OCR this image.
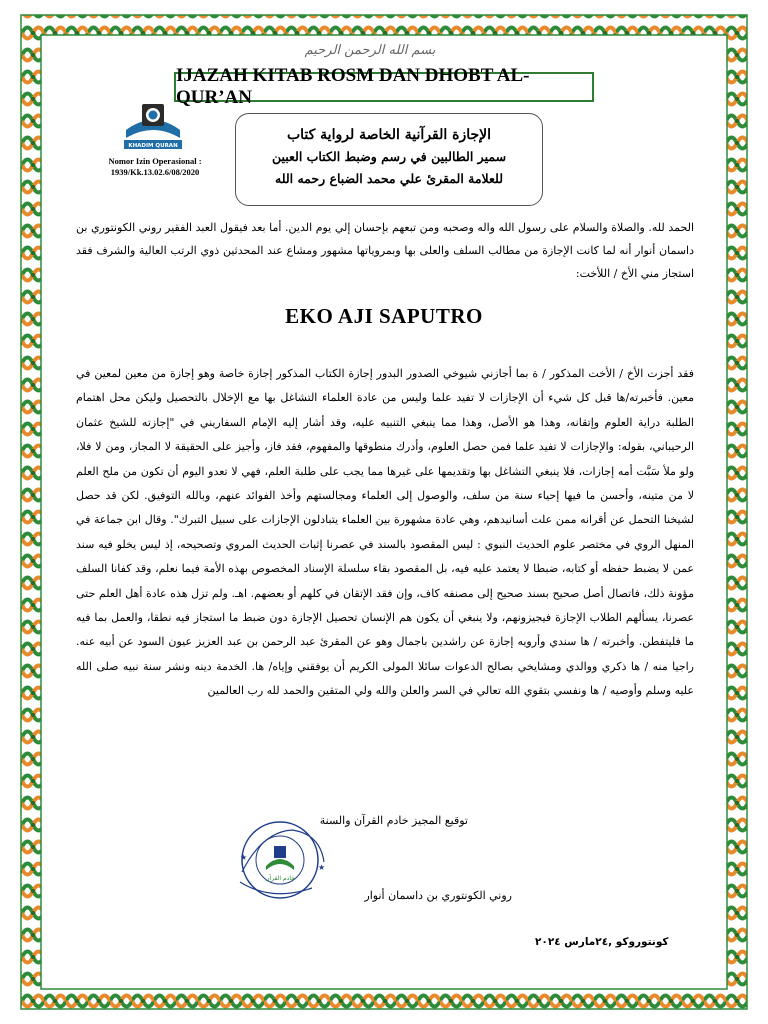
بسم الله الرحمن الرحيم
IJAZAH KITAB ROSM DAN DHOBT AL-QUR’AN
KHADIM QURAN
Nomor Izin Operasional :
1939/Kk.13.02.6/08/2020
الإجازة القرآنية الخاصة لرواية كتاب
سمير الطالبين في رسم وضبط الكتاب العبين
للعلامة المقرئ علي محمد الضباع رحمه الله
الحمد لله. والصلاة والسلام على رسول الله واله وصحبه ومن تبعهم بإحسان إلي يوم الدين. أما بعد فيقول العبد الفقير روني الكونتوري بن داسمان أنوار أنه لما كانت الإجازة من مطالب السلف والعلى بها وبمروياتها مشهور ومشاع عند المحدثين ذوي الرتب العالية والشرف فقد استجاز مني الأخ / اللأخت:
EKO AJI SAPUTRO
فقد أجزت الأخ / الأخت المذكور / ة بما أجازني شيوخي الصدور البدور إجازة الكتاب المذكور إجازة خاصة وهو إجازة من معين لمعين في معين. فأخبرته/ها قبل كل شيء أن الإجازات لا تفيد علما وليس من عادة العلماء التشاغل بها مع الإخلال بالتحصيل وليكن محل اهتمام الطلبة دراية العلوم وإتقانه، وهذا هو الأصل، وهذا مما ينبغي التنبيه عليه، وقد أشار إليه الإمام السفاريني في "إجازته للشيخ عثمان الرحيباني، بقوله: والإجازات لا تفيد علما فمن حصل العلوم، وأدرك منطوقها والمفهوم، فقد فاز، وأجيز على الحقيقة لا المجاز، ومن لا فلا، ولو ملأ سَبَّت أمه إجازات، فلا ينبغي التشاغل بها وتقديمها على غيرها مما يجب على طلبة العلم، فهي لا تعدو اليوم أن تكون من ملح العلم لا من متينه، وأحسن ما فيها إحياء سنة من سلف، والوصول إلى العلماء ومجالستهم وأخذ الفوائد عنهم، وبالله التوفيق. لكن قد حصل لشيخنا التحمل عن أقرانه ممن علت أسانيدهم، وهي عادة مشهورة بين العلماء يتبادلون الإجازات على سبيل التبرك". وقال ابن جماعة في المنهل الروي في مختصر علوم الحديث النبوي : ليس المقصود بالسند في عصرنا إثبات الحديث المروي وتصحيحه، إذ ليس يخلو فيه سند عمن لا يضبط حفظه أو كتابه، ضبطا لا يعتمد عليه فيه، بل المقصود بقاء سلسلة الإسناد المخصوص بهذه الأمة فيما نعلم، وقد كفانا السلف مؤونة ذلك، فاتصال أصل صحيح بسند صحيح إلى مصنفه كاف، وإن فقد الإتقان في كلهم أو بعضهم. اهـ. ولم تزل هذه عادة أهل العلم حتى عصرنا، يسألهم الطلاب الإجازة فيجيزونهم، ولا ينبغي أن يكون هم الإنسان تحصيل الإجازة دون ضبط ما استجاز فيه نطقا، والعمل بما فيه ما فليتفطن. وأخبرته / ها سندي وأرويه إجازة عن راشدين باجمال وهو عن المقرئ عبد الرحمن بن عبد العزيز عيون السود عن أبيه عنه. راجيا منه / ها ذكري ووالدي ومشايخي بصالح الدعوات سائلا المولى الكريم أن يوفقني وإياه/ ها. الخدمة دينه ونشر سنة نبيه صلى الله عليه وسلم وأوصيه / ها ونفسي بتقوي الله تعالي في السر والعلن والله ولي المتقين والحمد لله رب العالمين
توقيع المجيز خادم القرآن والسنة
خادم القرآن
★
★
روني الكونتوري بن داسمان أنوار
كونتوروكو ,٢٤مارس ٢٠٢٤
